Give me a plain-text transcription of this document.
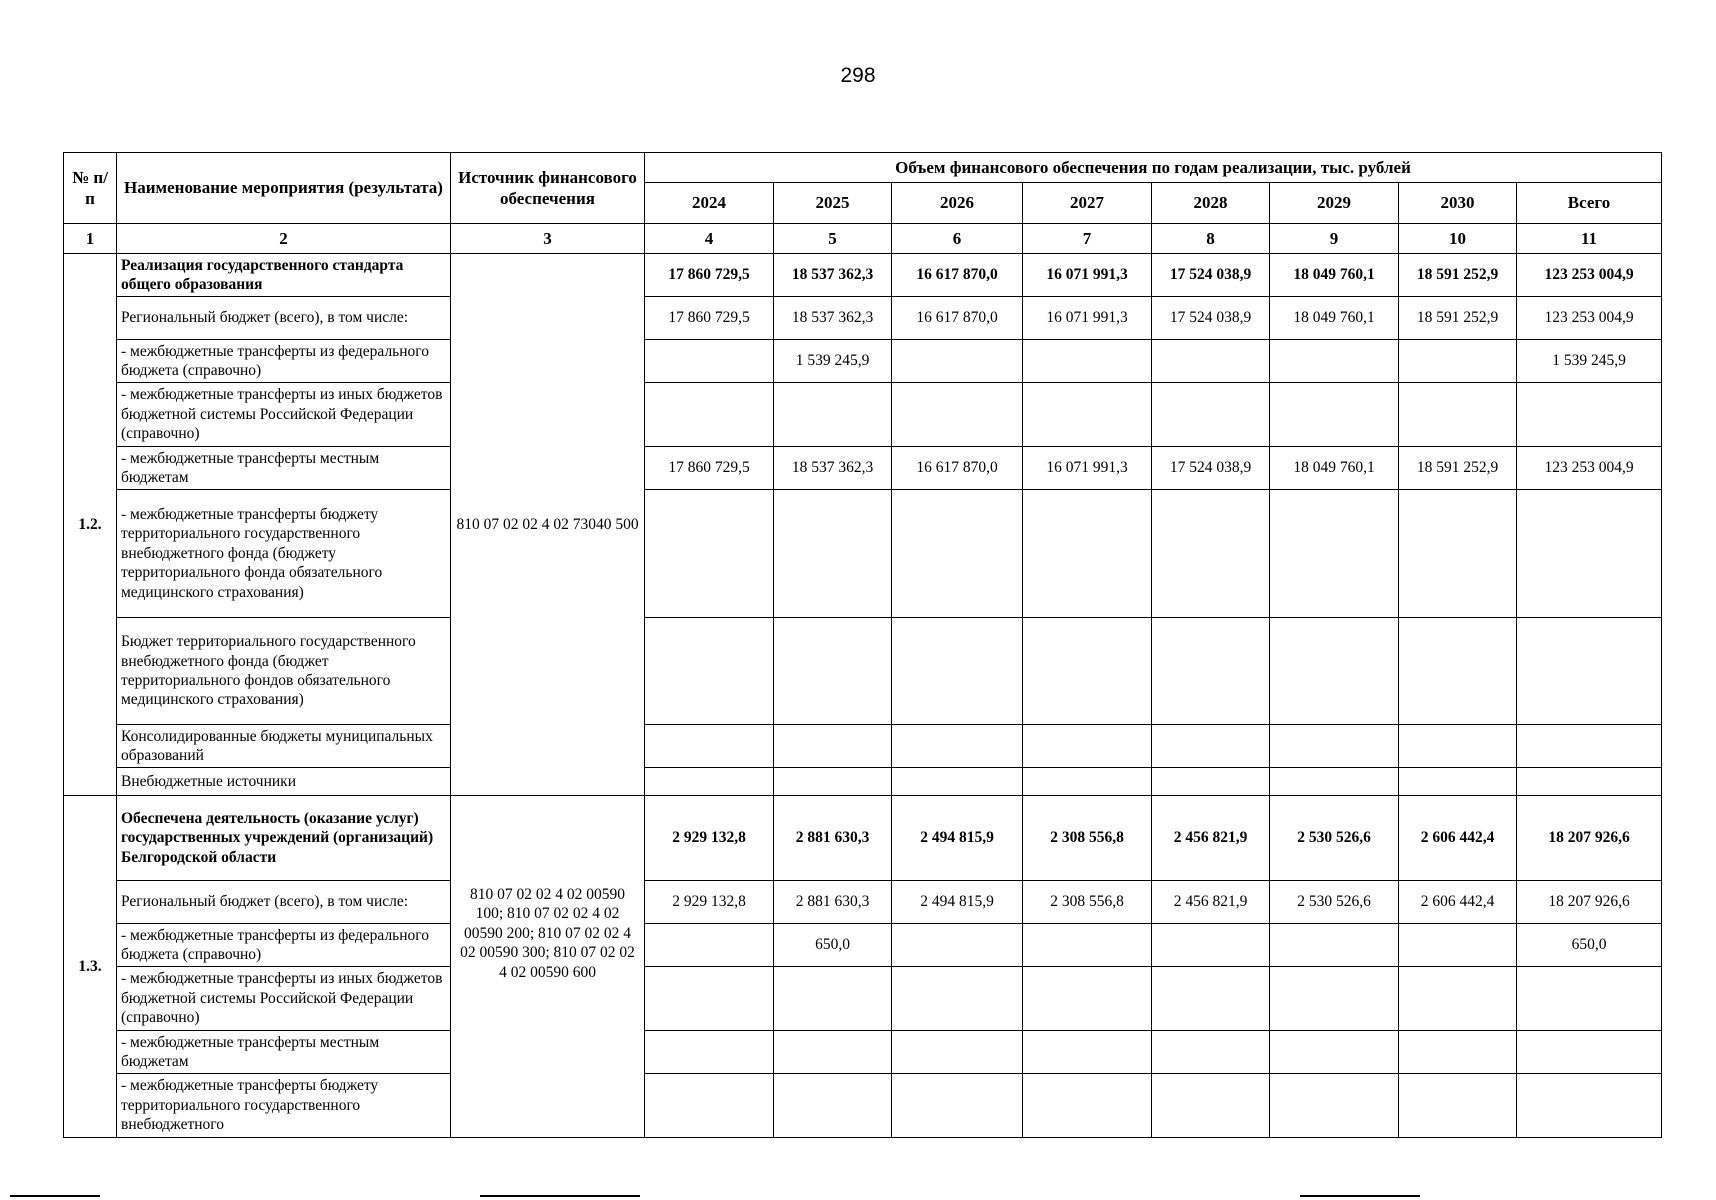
298
№ п/п	Наименование мероприятия (результата)	Источник финансового обеспечения	Объем финансового обеспечения по годам реализации, тыс. рублей							
			2024	2025	2026	2027	2028	2029	2030	Всего
1	2	3	4	5	6	7	8	9	10	11
1.2.	Реализация государственного стандарта общего образования	810 07 02 02 4 02 73040 500	17 860 729,5	18 537 362,3	16 617 870,0	16 071 991,3	17 524 038,9	18 049 760,1	18 591 252,9	123 253 004,9
	Региональный бюджет (всего), в том числе:		17 860 729,5	18 537 362,3	16 617 870,0	16 071 991,3	17 524 038,9	18 049 760,1	18 591 252,9	123 253 004,9
	- межбюджетные трансферты из федерального бюджета (справочно)			1 539 245,9						1 539 245,9
	- межбюджетные трансферты из иных бюджетов бюджетной системы Российской Федерации (справочно)									
	- межбюджетные трансферты местным бюджетам		17 860 729,5	18 537 362,3	16 617 870,0	16 071 991,3	17 524 038,9	18 049 760,1	18 591 252,9	123 253 004,9
	- межбюджетные трансферты бюджету территориального государственного внебюджетного фонда (бюджету территориального фонда обязательного медицинского страхования)									
	Бюджет территориального государственного внебюджетного фонда (бюджет территориального фондов обязательного медицинского страхования)									
	Консолидированные бюджеты муниципальных образований									
	Внебюджетные источники									
1.3.	Обеспечена деятельность (оказание услуг) государственных учреждений (организаций) Белгородской области	810 07 02 02 4 02 00590 100; 810 07 02 02 4 02 00590 200; 810 07 02 02 4 02 00590 300; 810 07 02 02 4 02 00590 600	2 929 132,8	2 881 630,3	2 494 815,9	2 308 556,8	2 456 821,9	2 530 526,6	2 606 442,4	18 207 926,6
	Региональный бюджет (всего), в том числе:		2 929 132,8	2 881 630,3	2 494 815,9	2 308 556,8	2 456 821,9	2 530 526,6	2 606 442,4	18 207 926,6
	- межбюджетные трансферты из федерального бюджета (справочно)			650,0						650,0
	- межбюджетные трансферты из иных бюджетов бюджетной системы Российской Федерации (справочно)									
	- межбюджетные трансферты местным бюджетам									
	- межбюджетные трансферты бюджету территориального государственного внебюджетного									
